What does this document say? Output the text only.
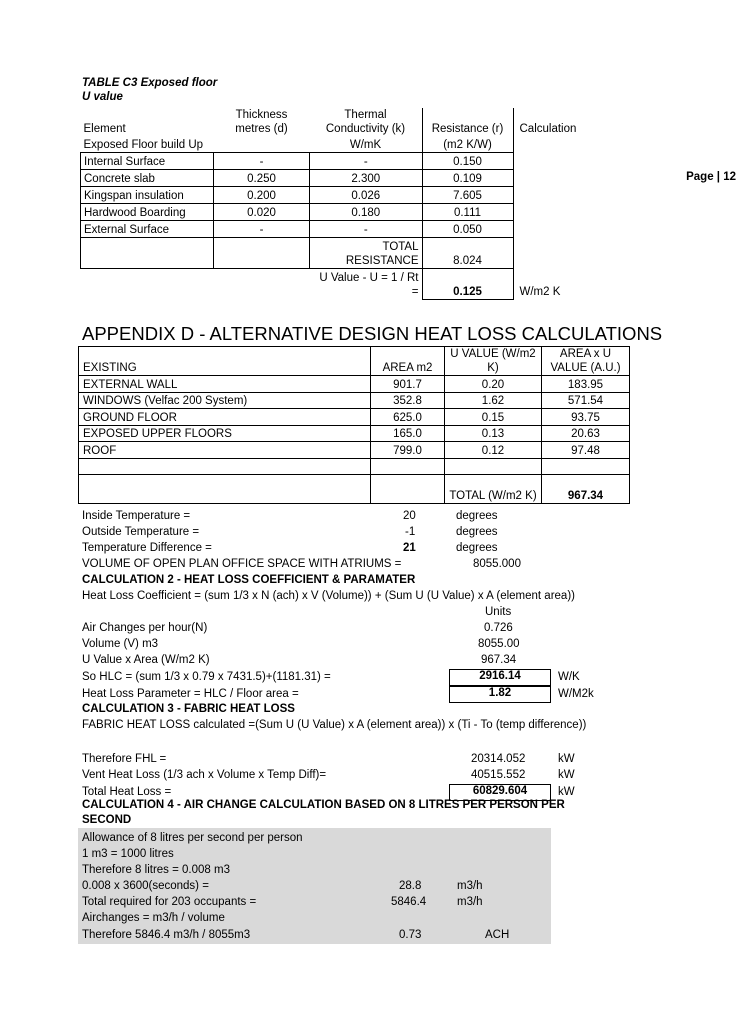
Page | 12
TABLE C3 Exposed floor U value
Element	Thickness metres (d)	Thermal Conductivity (k)	Resistance (r)	Calculation
Exposed Floor build Up		W/mK	(m2 K/W)	
Internal Surface	-	-	0.150	
Concrete slab	0.250	2.300	0.109	
Kingspan insulation	0.200	0.026	7.605	
Hardwood Boarding	0.020	0.180	0.111	
External Surface	-	-	0.050	
		TOTAL RESISTANCE	8.024	
		U Value - U = 1 / Rt =	0.125	W/m2 K
APPENDIX D - ALTERNATIVE DESIGN HEAT LOSS CALCULATIONS
EXISTING	AREA m2	U VALUE (W/m2 K)	AREA x U VALUE (A.U.)
EXTERNAL WALL	901.7	0.20	183.95
WINDOWS (Velfac 200 System)	352.8	1.62	571.54
GROUND FLOOR	625.0	0.15	93.75
EXPOSED UPPER FLOORS	165.0	0.13	20.63
ROOF	799.0	0.12	97.48

		TOTAL (W/m2 K)	967.34
Inside Temperature =	20	degrees
Outside Temperature =	-1	degrees
Temperature Difference =	21	degrees
VOLUME OF OPEN PLAN OFFICE SPACE WITH ATRIUMS =	8055.000
CALCULATION 2 - HEAT LOSS COEFFICIENT & PARAMATER
Heat Loss Coefficient = (sum 1/3 x N (ach) x V (Volume)) + (Sum U (U Value) x A (element area))
Units
Air Changes per hour(N)	0.726
Volume (V) m3	8055.00
U Value x Area (W/m2 K)	967.34
So HLC = (sum 1/3 x 0.79 x 7431.5)+(1181.31) =	2916.14	W/K
Heat Loss Parameter = HLC / Floor area =	1.82	W/M2k
CALCULATION 3 - FABRIC HEAT LOSS
FABRIC HEAT LOSS calculated =(Sum U (U Value) x A (element area)) x (Ti - To (temp difference))
Therefore FHL =	20314.052	kW
Vent Heat Loss (1/3 ach x Volume x Temp Diff)=	40515.552	kW
Total Heat Loss =	60829.604	kW
CALCULATION 4 - AIR CHANGE CALCULATION BASED ON 8 LITRES PER PERSON PER
SECOND
Allowance of 8 litres per second per person
1 m3 = 1000 litres
Therefore 8 litres = 0.008 m3
0.008 x 3600(seconds) =	28.8	m3/h
Total required for 203 occupants =	5846.4	m3/h
Airchanges = m3/h / volume
Therefore 5846.4 m3/h / 8055m3	0.73	ACH
